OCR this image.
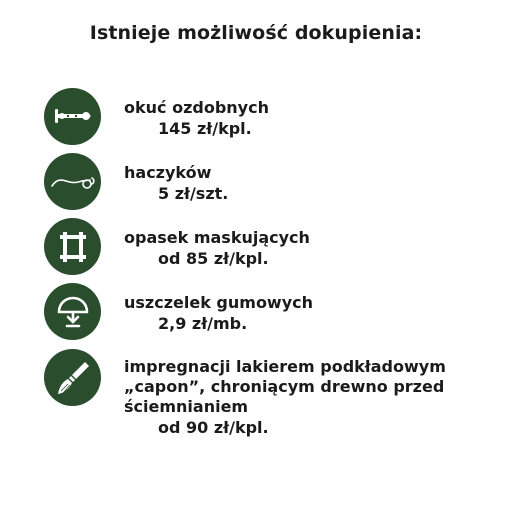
Istnieje możliwość dokupienia:
okuć ozdobnych
145 zł/kpl.
haczyków
5 zł/szt.
opasek maskujących
od 85 zł/kpl.
uszczelek gumowych
2,9 zł/mb.
impregnacji lakierem podkładowym „capon”, chroniącym drewno przed ściemnianiem
od 90 zł/kpl.
